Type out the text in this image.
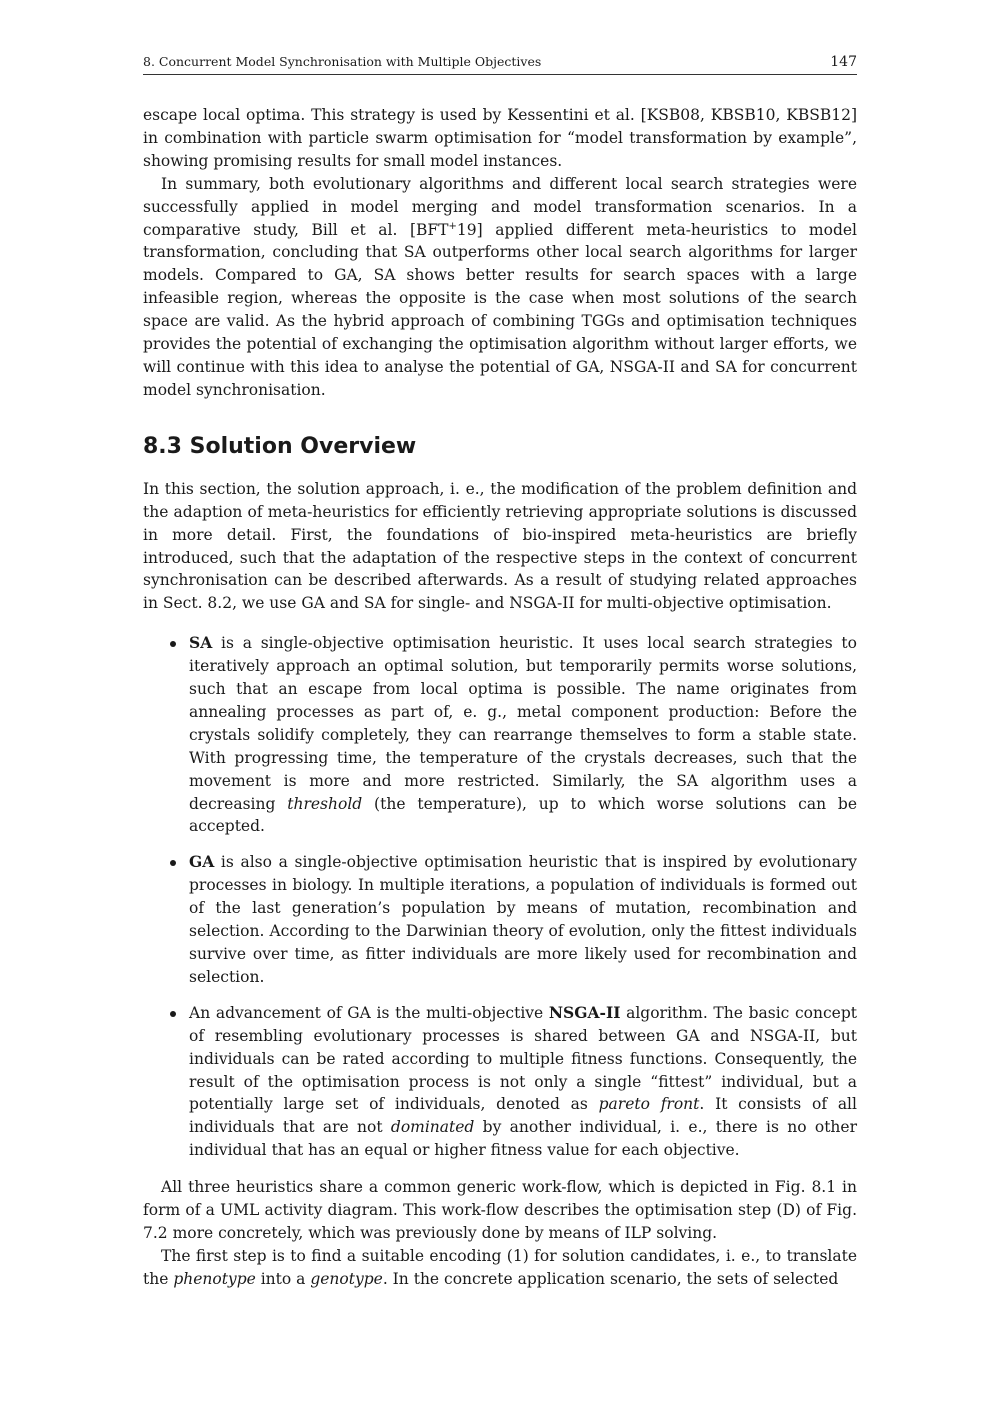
8. Concurrent Model Synchronisation with Multiple Objectives	147

escape local optima. This strategy is used by Kessentini et al. [KSB08, KBSB10, KBSB12] in combination with particle swarm optimisation for “model transformation by example”, showing promising results for small model instances.

In summary, both evolutionary algorithms and different local search strategies were successfully applied in model merging and model transformation scenarios. In a comparative study, Bill et al. [BFT+19] applied different meta-heuristics to model transformation, concluding that SA outperforms other local search algorithms for larger models. Compared to GA, SA shows better results for search spaces with a large infeasible region, whereas the opposite is the case when most solutions of the search space are valid. As the hybrid approach of combining TGGs and optimisation techniques provides the potential of exchanging the optimisation algorithm without larger efforts, we will continue with this idea to analyse the potential of GA, NSGA-II and SA for concurrent model synchronisation.

8.3 Solution Overview

In this section, the solution approach, i. e., the modification of the problem definition and the adaption of meta-heuristics for efficiently retrieving appropriate solutions is discussed in more detail. First, the foundations of bio-inspired meta-heuristics are briefly introduced, such that the adaptation of the respective steps in the context of concurrent synchronisation can be described afterwards. As a result of studying related approaches in Sect. 8.2, we use GA and SA for single- and NSGA-II for multi-objective optimisation.

SA is a single-objective optimisation heuristic. It uses local search strategies to iteratively approach an optimal solution, but temporarily permits worse solutions, such that an escape from local optima is possible. The name originates from annealing processes as part of, e. g., metal component production: Before the crystals solidify completely, they can rearrange themselves to form a stable state. With progressing time, the temperature of the crystals decreases, such that the movement is more and more restricted. Similarly, the SA algorithm uses a decreasing threshold (the temperature), up to which worse solutions can be accepted.

GA is also a single-objective optimisation heuristic that is inspired by evolutionary processes in biology. In multiple iterations, a population of individuals is formed out of the last generation’s population by means of mutation, recombination and selection. According to the Darwinian theory of evolution, only the fittest individuals survive over time, as fitter individuals are more likely used for recombination and selection.

An advancement of GA is the multi-objective NSGA-II algorithm. The basic concept of resembling evolutionary processes is shared between GA and NSGA-II, but individuals can be rated according to multiple fitness functions. Consequently, the result of the optimisation process is not only a single “fittest” individual, but a potentially large set of individuals, denoted as pareto front. It consists of all individuals that are not dominated by another individual, i. e., there is no other individual that has an equal or higher fitness value for each objective.

All three heuristics share a common generic work-flow, which is depicted in Fig. 8.1 in form of a UML activity diagram. This work-flow describes the optimisation step (D) of Fig. 7.2 more concretely, which was previously done by means of ILP solving.

The first step is to find a suitable encoding (1) for solution candidates, i. e., to translate the phenotype into a genotype. In the concrete application scenario, the sets of selected
